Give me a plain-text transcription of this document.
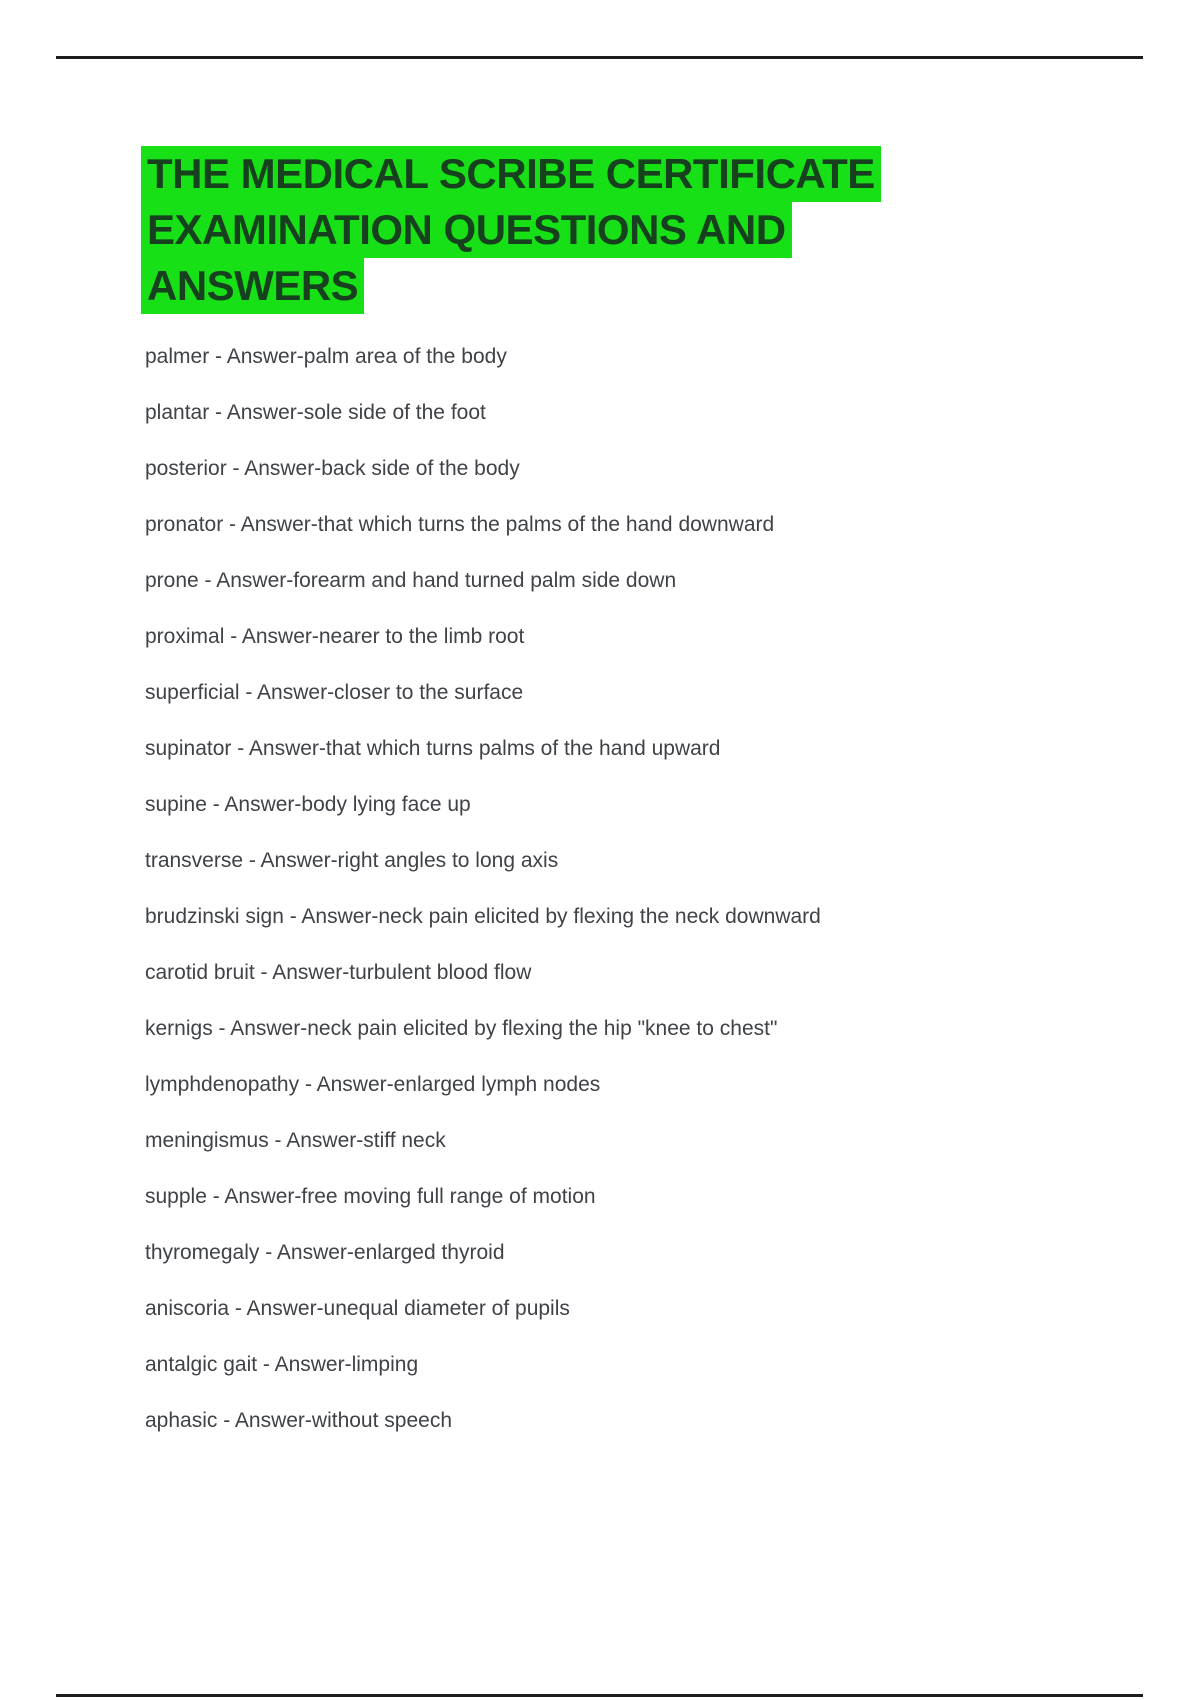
THE MEDICAL SCRIBE CERTIFICATE
EXAMINATION QUESTIONS AND
ANSWERS

palmer - Answer-palm area of the body

plantar - Answer-sole side of the foot

posterior - Answer-back side of the body

pronator - Answer-that which turns the palms of the hand downward

prone - Answer-forearm and hand turned palm side down

proximal - Answer-nearer to the limb root

superficial - Answer-closer to the surface

supinator - Answer-that which turns palms of the hand upward

supine - Answer-body lying face up

transverse - Answer-right angles to long axis

brudzinski sign - Answer-neck pain elicited by flexing the neck downward

carotid bruit - Answer-turbulent blood flow

kernigs - Answer-neck pain elicited by flexing the hip "knee to chest"

lymphdenopathy - Answer-enlarged lymph nodes

meningismus - Answer-stiff neck

supple - Answer-free moving full range of motion

thyromegaly - Answer-enlarged thyroid

aniscoria - Answer-unequal diameter of pupils

antalgic gait - Answer-limping

aphasic - Answer-without speech
